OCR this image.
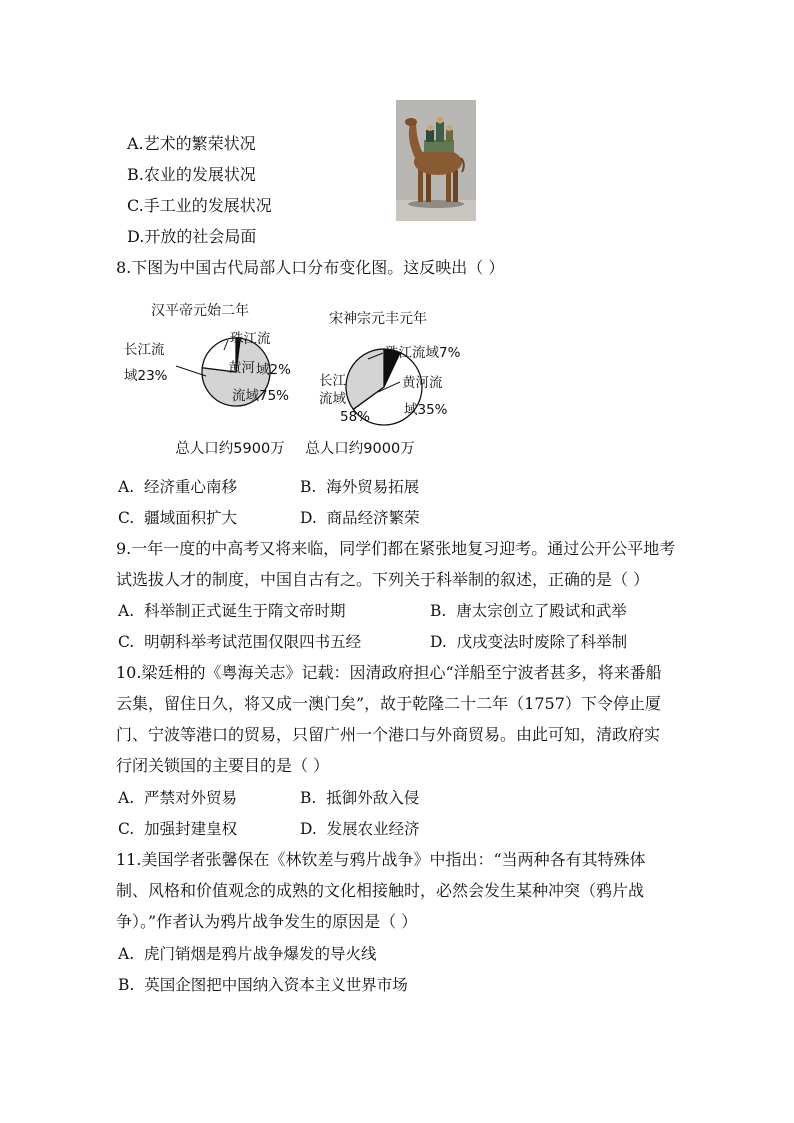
A.艺术的繁荣状况
B.农业的发展状况
C.手工业的发展状况
D.开放的社会局面
8.下图为中国古代局部人口分布变化图。这反映出（ ）
汉平帝元始二年
黄河
流域75%
长江流
域23%
珠江流
域2%
总人口约5900万
宋神宗元丰元年
长江
流域
58%
黄河流
域35%
珠江流域7%
总人口约9000万
A. 经济重心南移	B. 海外贸易拓展
C. 疆域面积扩大	D. 商品经济繁荣
9.一年一度的中高考又将来临，同学们都在紧张地复习迎考。通过公开公平地考
试选拔人才的制度，中国自古有之。下列关于科举制的叙述，正确的是（ ）
A. 科举制正式诞生于隋文帝时期	B. 唐太宗创立了殿试和武举
C. 明朝科举考试范围仅限四书五经	D. 戊戌变法时废除了科举制
10.梁廷枏的《粤海关志》记载：因清政府担心“洋船至宁波者甚多，将来番船
云集，留住日久，将又成一澳门矣”，故于乾隆二十二年（1757）下令停止厦
门、宁波等港口的贸易，只留广州一个港口与外商贸易。由此可知，清政府实
行闭关锁国的主要目的是（ ）
A. 严禁对外贸易	B. 抵御外敌入侵
C. 加强封建皇权	D. 发展农业经济
11.美国学者张馨保在《林钦差与鸦片战争》中指出：“当两种各有其特殊体
制、风格和价值观念的成熟的文化相接触时，必然会发生某种冲突（鸦片战
争）。”作者认为鸦片战争发生的原因是（ ）
A. 虎门销烟是鸦片战争爆发的导火线
B. 英国企图把中国纳入资本主义世界市场
